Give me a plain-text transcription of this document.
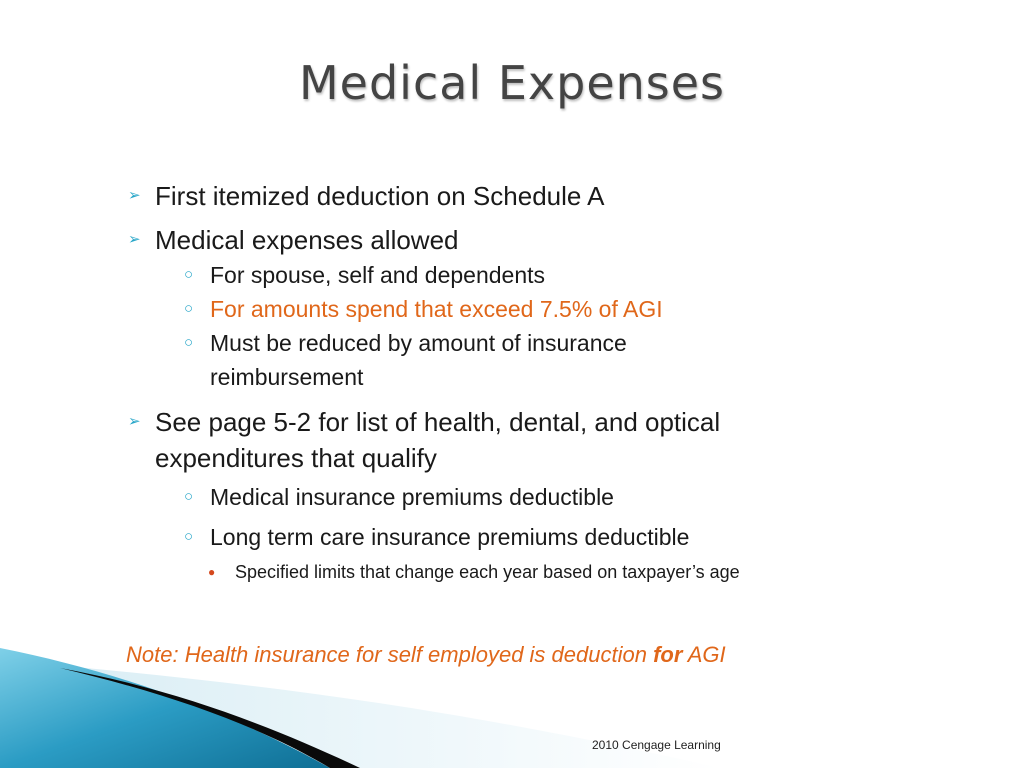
Medical Expenses
➢ First itemized deduction on Schedule A
➢ Medical expenses allowed
○ For spouse, self and dependents
○ For amounts spend that exceed 7.5% of AGI
○ Must be reduced by amount of insurance reimbursement
➢ See page 5-2 for list of health, dental, and optical expenditures that qualify
○ Medical insurance premiums deductible
○ Long term care insurance premiums deductible
● Specified limits that change each year based on taxpayer’s age
Note: Health insurance for self employed is deduction for AGI
2010 Cengage Learning
